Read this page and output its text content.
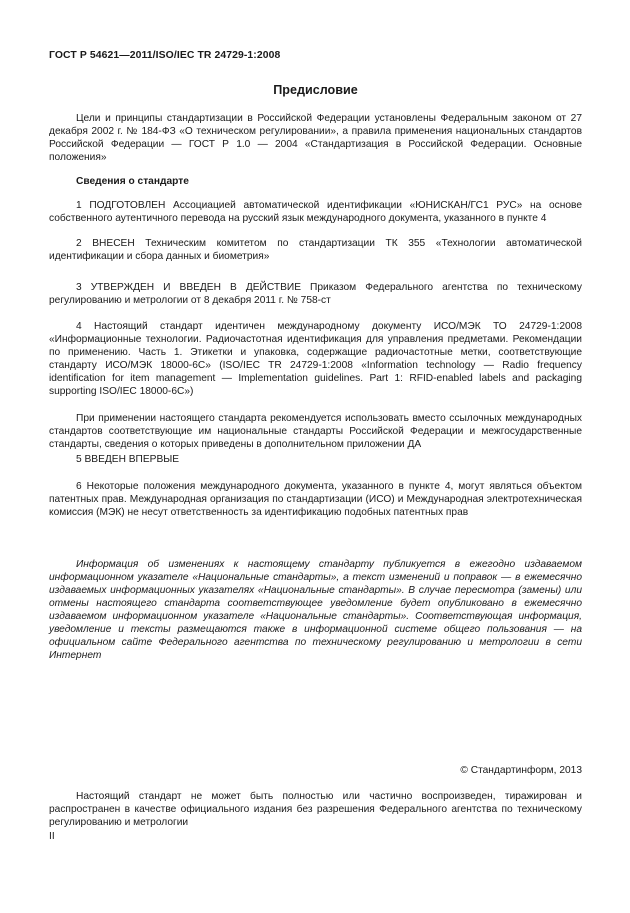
ГОСТ Р 54621—2011/ISO/IEC TR 24729-1:2008
Предисловие

Цели и принципы стандартизации в Российской Федерации установлены Федеральным законом от 27 декабря 2002 г. № 184-ФЗ «О техническом регулировании», а правила применения национальных стандартов Российской Федерации — ГОСТ Р 1.0 — 2004 «Стандартизация в Российской Федерации. Основные положения»

Сведения о стандарте

1 ПОДГОТОВЛЕН Ассоциацией автоматической идентификации «ЮНИСКАН/ГС1 РУС» на основе собственного аутентичного перевода на русский язык международного документа, указанного в пункте 4

2 ВНЕСЕН Техническим комитетом по стандартизации ТК 355 «Технологии автоматической идентификации и сбора данных и биометрия»

3 УТВЕРЖДЕН И ВВЕДЕН В ДЕЙСТВИЕ Приказом Федерального агентства по техническому регулированию и метрологии от 8 декабря 2011 г. № 758-ст

4 Настоящий стандарт идентичен международному документу ИСО/МЭК ТО 24729-1:2008 «Информационные технологии. Радиочастотная идентификация для управления предметами. Рекомендации по применению. Часть 1. Этикетки и упаковка, содержащие радиочастотные метки, соответствующие стандарту ИСО/МЭК 18000-6С» (ISO/IEC TR 24729-1:2008 «Information technology — Radio frequency identification for item management — Implementation guidelines. Part 1: RFID-enabled labels and packaging supporting ISO/IEC 18000-6C»)

При применении настоящего стандарта рекомендуется использовать вместо ссылочных международных стандартов соответствующие им национальные стандарты Российской Федерации и межгосударственные стандарты, сведения о которых приведены в дополнительном приложении ДА

5 ВВЕДЕН ВПЕРВЫЕ

6 Некоторые положения международного документа, указанного в пункте 4, могут являться объектом патентных прав. Международная организация по стандартизации (ИСО) и Международная электротехническая комиссия (МЭК) не несут ответственность за идентификацию подобных патентных прав

Информация об изменениях к настоящему стандарту публикуется в ежегодно издаваемом информационном указателе «Национальные стандарты», а текст изменений и поправок — в ежемесячно издаваемых информационных указателях «Национальные стандарты». В случае пересмотра (замены) или отмены настоящего стандарта соответствующее уведомление будет опубликовано в ежемесячно издаваемом информационном указателе «Национальные стандарты». Соответствующая информация, уведомление и тексты размещаются также в информационной системе общего пользования — на официальном сайте Федерального агентства по техническому регулированию и метрологии в сети Интернет

© Стандартинформ, 2013

Настоящий стандарт не может быть полностью или частично воспроизведен, тиражирован и распространен в качестве официального издания без разрешения Федерального агентства по техническому регулированию и метрологии

II
